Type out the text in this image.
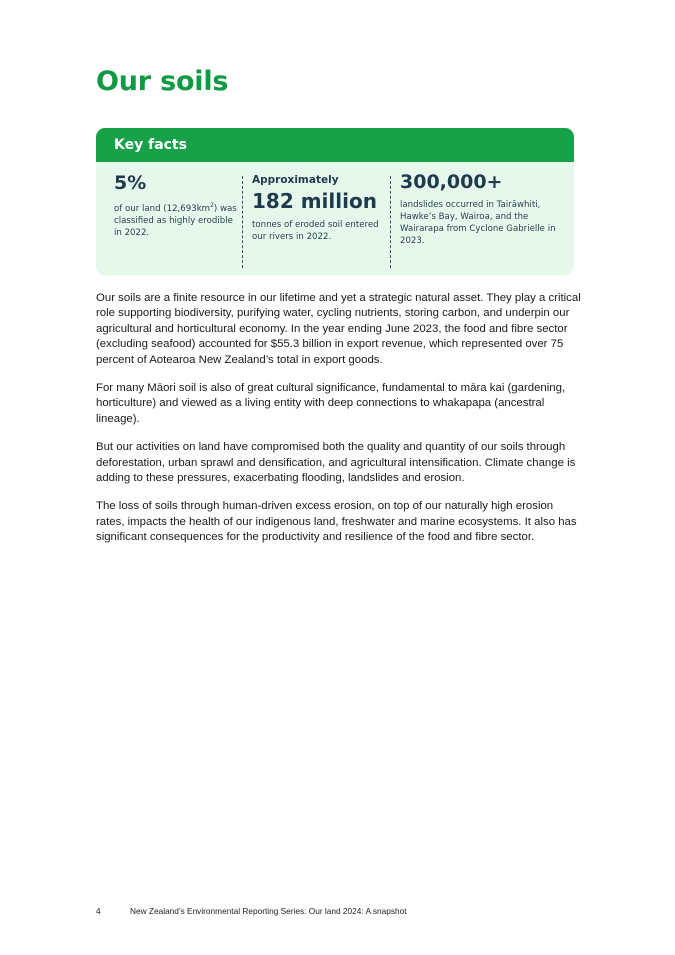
Our soils
Key facts
5%
of our land $(12,693km^2)$ was classified as highly erodible in 2022.
Approximately
182 million
tonnes of eroded soil entered our rivers in 2022.
300,000+
landslides occurred in Tairāwhiti, Hawke’s Bay, Wairoa, and the Wairarapa from Cyclone Gabrielle in 2023.

Our soils are a finite resource in our lifetime and yet a strategic natural asset. They play a critical role supporting biodiversity, purifying water, cycling nutrients, storing carbon, and underpin our agricultural and horticultural economy. In the year ending June 2023, the food and fibre sector (excluding seafood) accounted for $55.3 billion in export revenue, which represented over 75 percent of Aotearoa New Zealand’s total in export goods.

For many Māori soil is also of great cultural significance, fundamental to māra kai (gardening, horticulture) and viewed as a living entity with deep connections to whakapapa (ancestral lineage).

But our activities on land have compromised both the quality and quantity of our soils through deforestation, urban sprawl and densification, and agricultural intensification. Climate change is adding to these pressures, exacerbating flooding, landslides and erosion.

The loss of soils through human-driven excess erosion, on top of our naturally high erosion rates, impacts the health of our indigenous land, freshwater and marine ecosystems. It also has significant consequences for the productivity and resilience of the food and fibre sector.

4	New Zealand’s Environmental Reporting Series: Our land 2024: A snapshot
